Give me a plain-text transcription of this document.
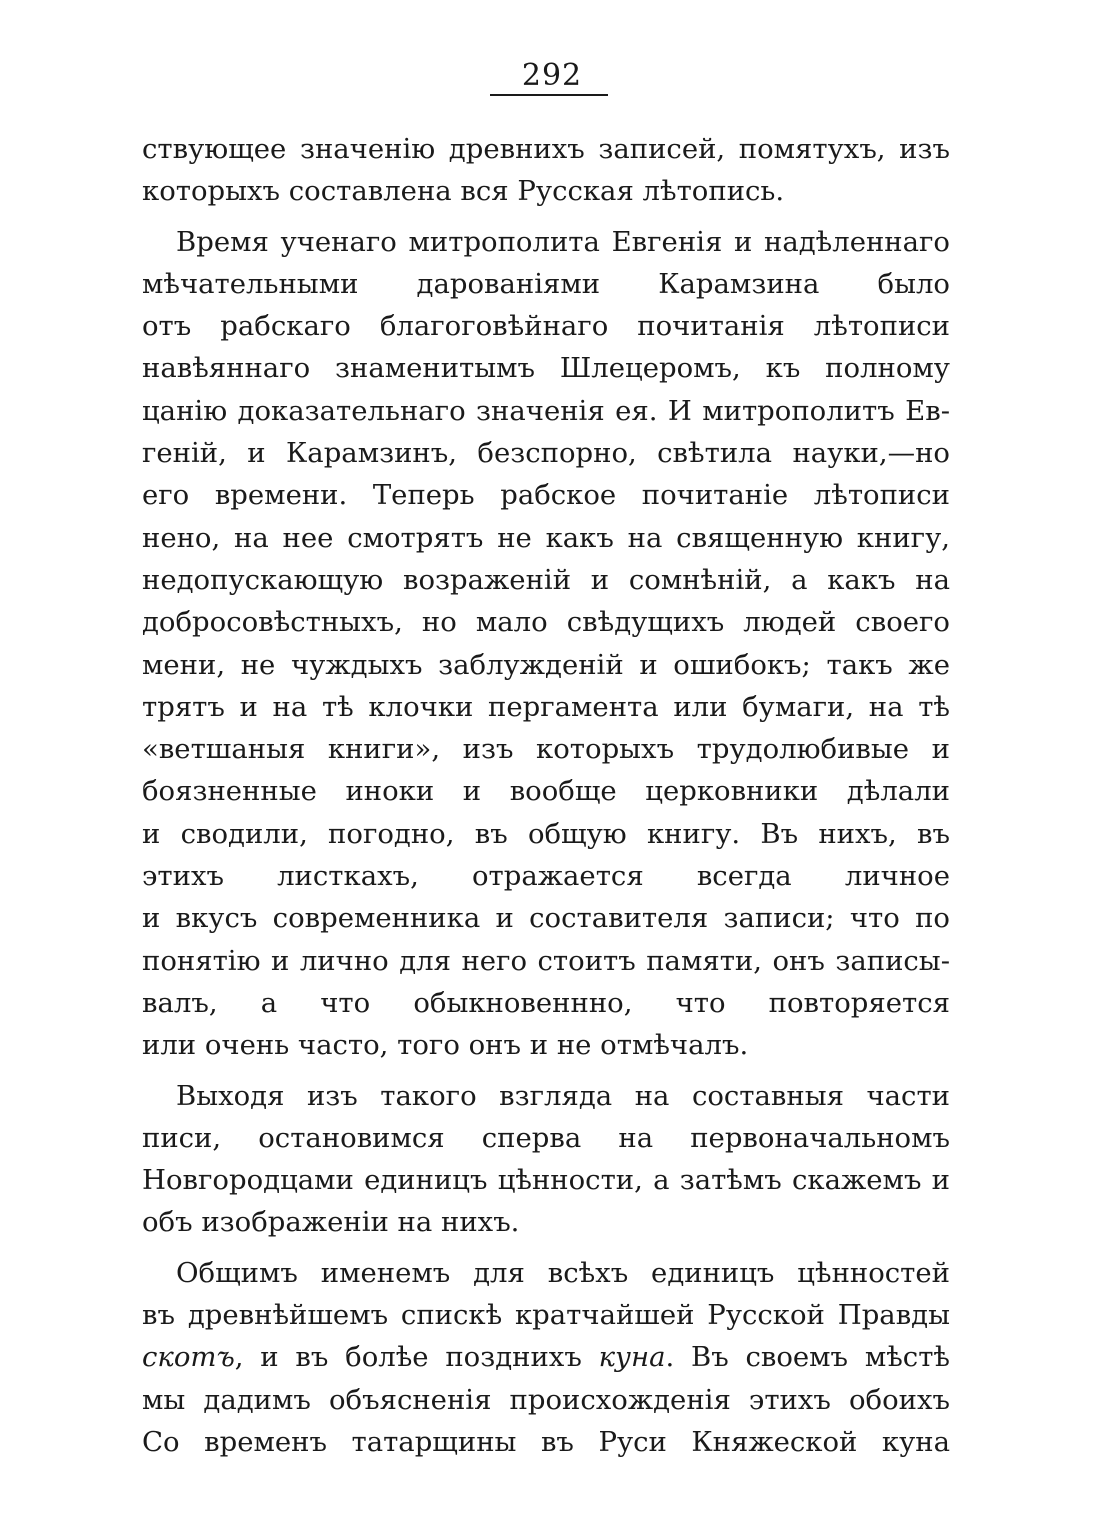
292
ствующее значенію древнихъ записей, помятухъ, изъ
которыхъ составлена вся Русская лѣтопись.
Время ученаго митрополита Евгенія и надѣленнаго
мѣчательными дарованіями Карамзина было
отъ рабскаго благоговѣйнаго почитанія лѣтописи
навѣяннаго знаменитымъ Шлецеромъ, къ полному
цанію доказательнаго значенія ея. И митрополитъ Ев-
геній, и Карамзинъ, безспорно, свѣтила науки,—но
его времени. Теперь рабское почитаніе лѣтописи
нено, на нее смотрятъ не какъ на священную книгу,
недопускающую возраженій и сомнѣній, а какъ на
добросовѣстныхъ, но мало свѣдущихъ людей своего
мени, не чуждыхъ заблужденій и ошибокъ; такъ же
трятъ и на тѣ клочки пергамента или бумаги, на тѣ
«ветшаныя книги», изъ которыхъ трудолюбивые и
боязненные иноки и вообще церковники дѣлали
и сводили, погодно, въ общую книгу. Въ нихъ, въ
этихъ листкахъ, отражается всегда личное
и вкусъ современника и составителя записи; что по
понятію и лично для него стоитъ памяти, онъ записы-
валъ, а что обыкновеннно, что повторяется
или очень часто, того онъ и не отмѣчалъ.
Выходя изъ такого взгляда на составныя части
писи, остановимся сперва на первоначальномъ
Новгородцами единицъ цѣнности, а затѣмъ скажемъ и
объ изображеніи на нихъ.
Общимъ именемъ для всѣхъ единицъ цѣнностей
въ древнѣйшемъ спискѣ кратчайшей Русской Правды
скотъ, и въ болѣе позднихъ куна. Въ своемъ мѣстѣ
мы дадимъ объясненія происхожденія этихъ обоихъ
Со временъ татарщины въ Руси Княжеской куна
